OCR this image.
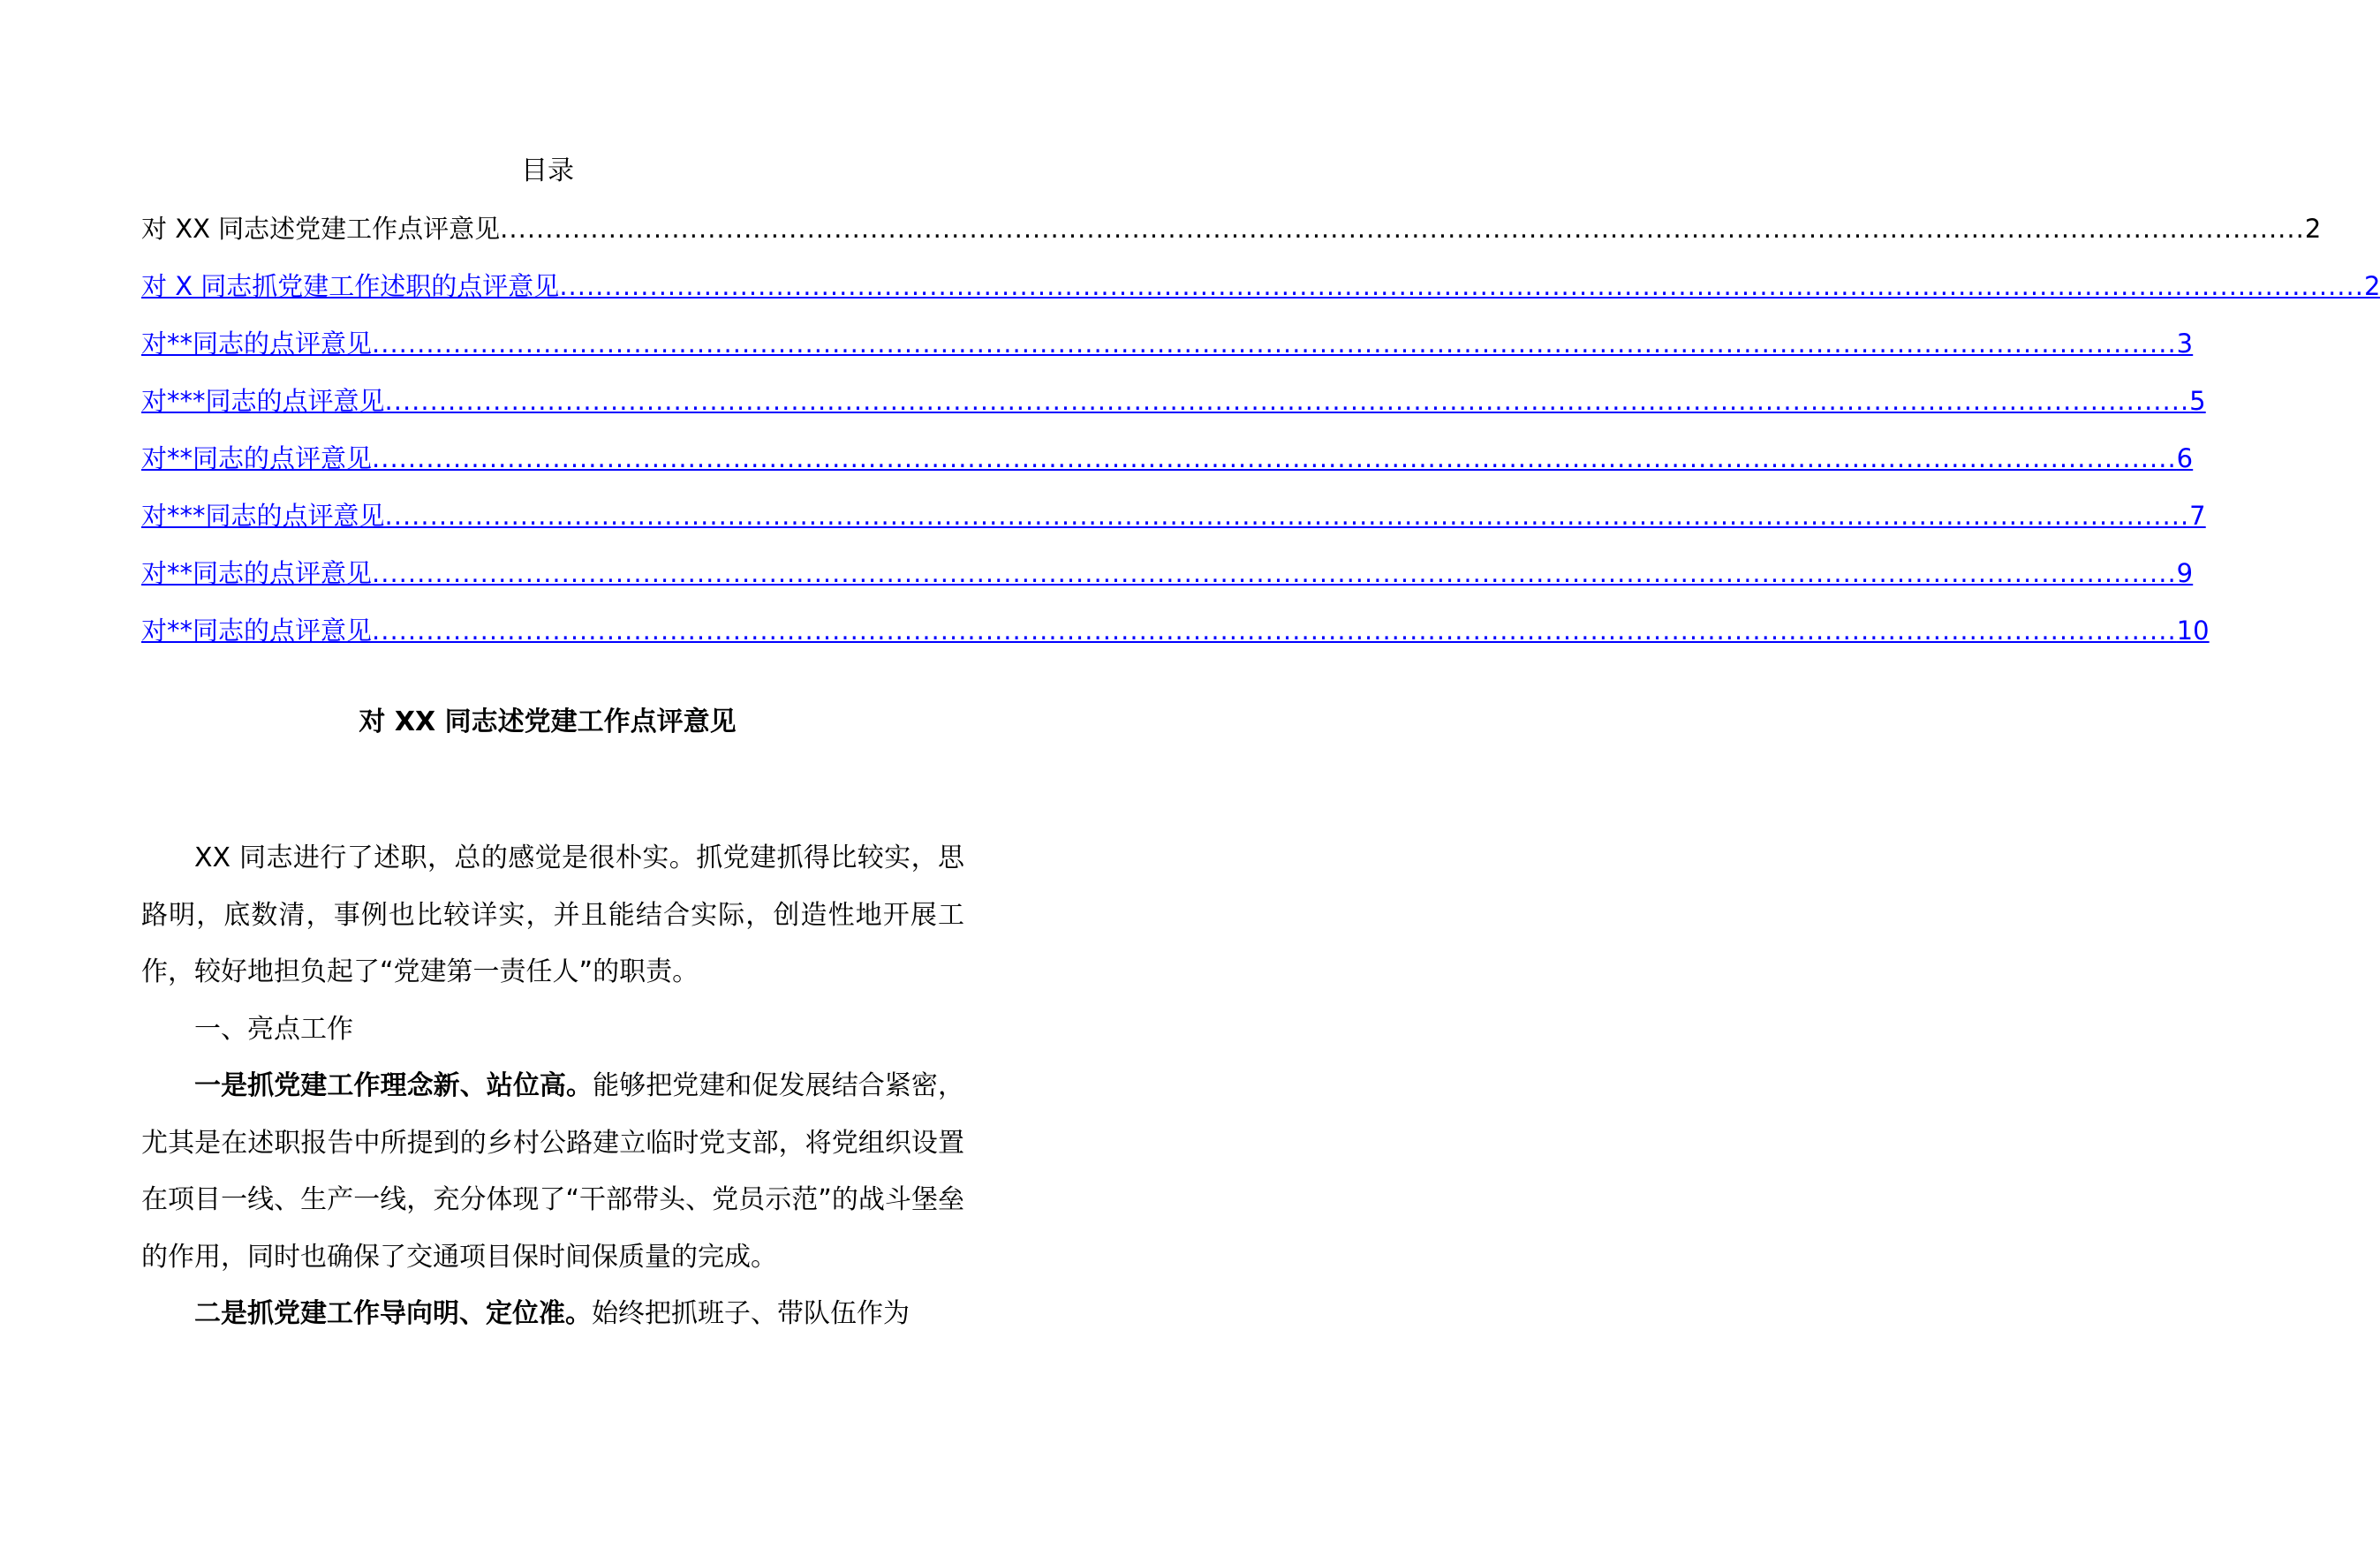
目录
对 XX 同志述党建工作点评意见 ........................................................................................................................................................................................................ 2
对 X 同志抓党建工作述职的点评意见 ........................................................................................................................................................................................................ 2
对**同志的点评意见 ........................................................................................................................................................................................................ 3
对***同志的点评意见 ........................................................................................................................................................................................................ 5
对**同志的点评意见 ........................................................................................................................................................................................................ 6
对***同志的点评意见 ........................................................................................................................................................................................................ 7
对**同志的点评意见 ........................................................................................................................................................................................................ 9
对**同志的点评意见 ........................................................................................................................................................................................................ 10
对 XX 同志述党建工作点评意见

XX 同志进行了述职，总的感觉是很朴实。抓党建抓得比较实，思路明，底数清，事例也比较详实，并且能结合实际，创造性地开展工作，较好地担负起了“党建第一责任人”的职责。

一、亮点工作

一是抓党建工作理念新、站位高。能够把党建和促发展结合紧密，尤其是在述职报告中所提到的乡村公路建立临时党支部，将党组织设置在项目一线、生产一线，充分体现了“干部带头、党员示范”的战斗堡垒的作用，同时也确保了交通项目保时间保质量的完成。

二是抓党建工作导向明、定位准。始终把抓班子、带队伍作为
